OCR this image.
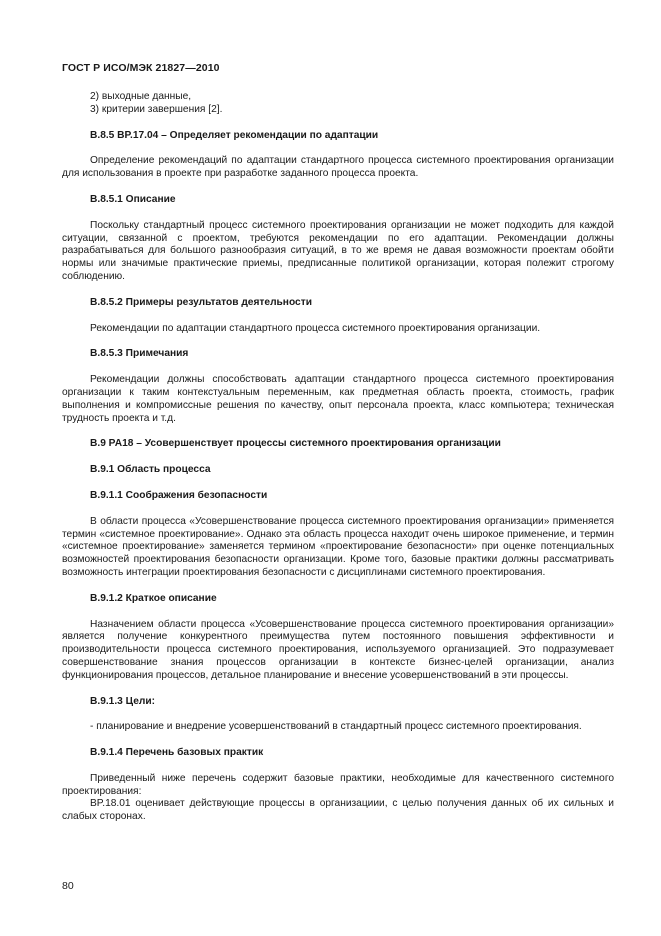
ГОСТ Р ИСО/МЭК 21827—2010

2) выходные данные,

3) критерии завершения [2].

B.8.5 BP.17.04 – Определяет рекомендации по адаптации

Определение рекомендаций по адаптации стандартного процесса системного проектирования организации для использования в проекте при разработке заданного процесса проекта.

B.8.5.1 Описание

Поскольку стандартный процесс системного проектирования организации не может подходить для каждой ситуации, связанной с проектом, требуются рекомендации по его адаптации. Рекомендации должны разрабатываться для большого разнообразия ситуаций, в то же время не давая возможности проектам обойти нормы или значимые практические приемы, предписанные политикой организации, которая полежит строгому соблюдению.

B.8.5.2 Примеры результатов деятельности

Рекомендации по адаптации стандартного процесса системного проектирования организации.

B.8.5.3 Примечания

Рекомендации должны способствовать адаптации стандартного процесса системного проектирования организации к таким контекстуальным переменным, как предметная область проекта, стоимость, график выполнения и компромиссные решения по качеству, опыт персонала проекта, класс компьютера; техническая трудность проекта и т.д.

B.9 PA18 – Усовершенствует процессы системного проектирования организации
B.9.1 Область процесса
B.9.1.1 Соображения безопасности

В области процесса «Усовершенствование процесса системного проектирования организации» применяется термин «системное проектирование». Однако эта область процесса находит очень широкое применение, и термин «системное проектирование» заменяется термином «проектирование безопасности» при оценке потенциальных возможностей проектирования безопасности организации. Кроме того, базовые практики должны рассматривать возможность интеграции проектирования безопасности с дисциплинами системного проектирования.

B.9.1.2 Краткое описание

Назначением области процесса «Усовершенствование процесса системного проектирования организации» является получение конкурентного преимущества путем постоянного повышения эффективности и производительности процесса системного проектирования, используемого организацией. Это подразумевает совершенствование знания процессов организации в контексте бизнес-целей организации, анализ функционирования процессов, детальное планирование и внесение усовершенствований в эти процессы.

B.9.1.3 Цели:

- планирование и внедрение усовершенствований в стандартный процесс системного проектирования.

B.9.1.4 Перечень базовых практик

Приведенный ниже перечень содержит базовые практики, необходимые для качественного системного проектирования:

BP.18.01 оценивает действующие процессы в организациии, с целью получения данных об их сильных и слабых сторонах.

80
